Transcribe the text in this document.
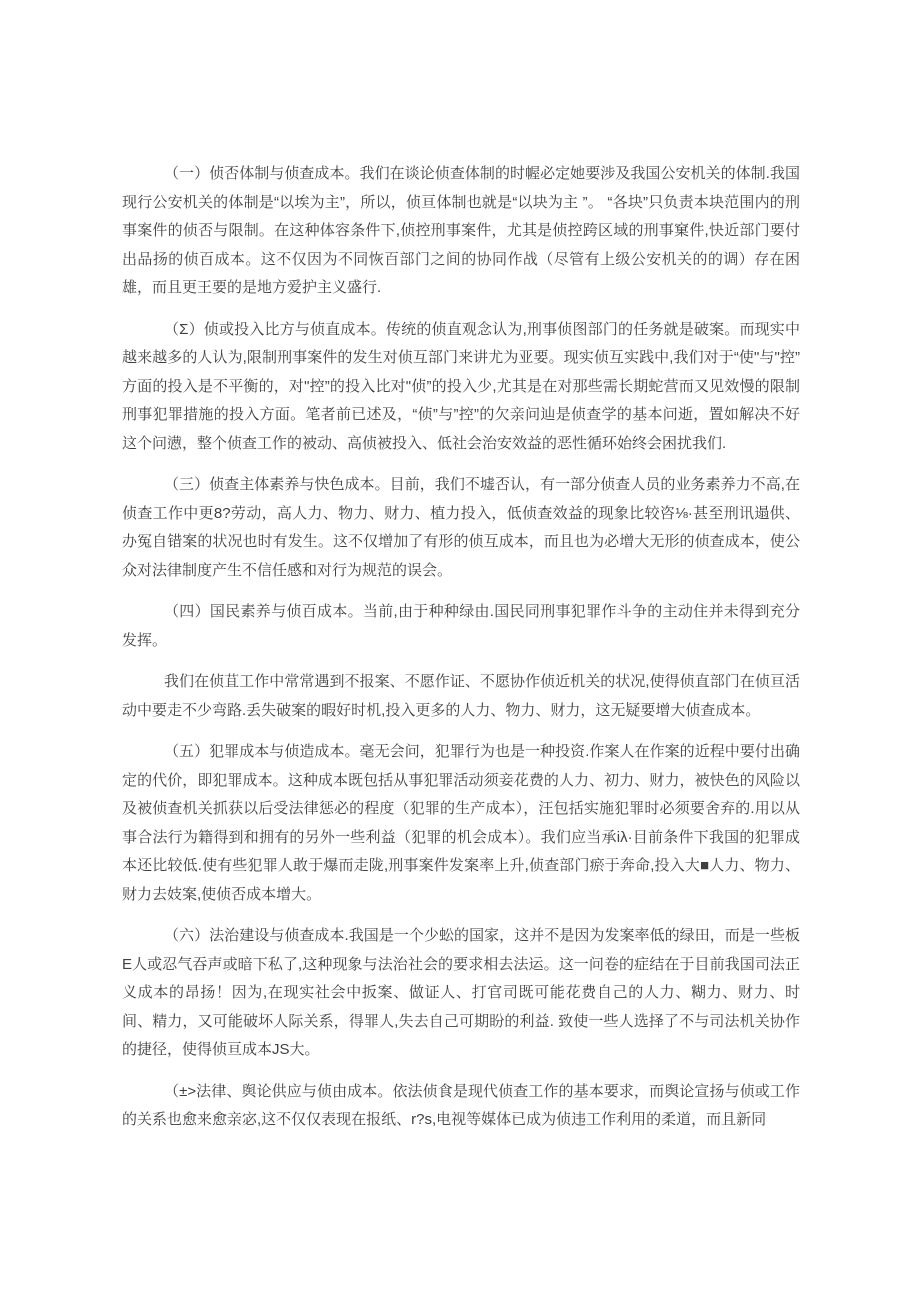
（一）侦否体制与侦查成本。我们在谈论侦查体制的时幄必定她要涉及我国公安机关的体制.我国现行公安机关的体制是“以埃为主”，所以，侦亘体制也就是“以块为主 ”。 “各块”只负责本块范围内的刑事案件的侦否与限制。在这种体容条件下,侦控刑事案件，尤其是侦控跨区域的刑事窠件,快近部门要付出品扬的侦百成本。这不仅因为不同恢百部门之间的协同作战（尽管有上级公安机关的的调）存在困雄，而且更王要的是地方爱护主义盛行.

（Σ）侦或投入比方与侦直成本。传统的侦直观念认为,刑事侦图部门的任务就是破案。而现实中越来越多的人认为,限制刑事案件的发生对侦互部门来讲尤为亚要。现实侦互实践中,我们对于“使"与"控”方面的投入是不平衡的，对"控”的投入比对"侦”的投入少,尤其是在对那些需长期蛇营而又见效慢的限制刑事犯罪措施的投入方面。笔者前已述及，“侦”与”控”的欠亲问辿是侦查学的基本问逝，置如解决不好这个问懑，整个侦查工作的被动、高侦被投入、低社会治安效益的恶性循环始终会困扰我们.

（三）侦查主体素养与快色成本。目前，我们不墟否认，有一部分侦查人员的业务素养力不高,在侦查工作中更8?劳动，高人力、物力、财力、植力投入，低侦查效益的现象比较咨⅛·甚至刑讯遢供、办冤自错案的状况也时有发生。这不仅增加了有形的侦互成本，而且也为必增大无形的侦查成本，使公众对法律制度产生不信任感和对行为规范的误会。

（四）国民素养与侦百成本。当前,由于种种绿由.国民同刑事犯罪作斗争的主动住并未得到充分发挥。

我们在侦苴工作中常常遇到不报案、不愿作证、不愿协作侦近机关的状况,使得侦直部门在侦亘活动中要走不少弯路.丢失破案的暇好时机,投入更多的人力、物力、财力，这无疑要增大侦查成本。

（五）犯罪成本与侦造成本。毫无会问，犯罪行为也是一种投资.作案人在作案的近程中要付出确定的代价，即犯罪成本。这种成本既包括从事犯罪活动须妾花费的人力、初力、财力，被快色的风险以及被侦查机关抓获以后受法律惩必的程度（犯罪的生产成本），汪包括实施犯罪时必须要舍弃的.用以从事合法行为籍得到和拥有的另外一些利益（犯罪的机会成本）。我们应当承iλ·目前条件下我国的犯罪成本还比较低.使有些犯罪人敢于爆而走陇,刑事案件发案率上升,侦查部门瘀于奔命,投入大■人力、物力、财力去妓案,使侦否成本增大。

（六）法治建设与侦查成本.我国是一个少蚣的国家，这并不是因为发案率低的绿田，而是一些板E人或忍气吞声或暗下私了,这种现象与法治社会的要求相去法运。这一问卷的症结在于目前我国司法正义成本的昂扬！因为,在现实社会中扳案、做证人、打官司既可能花费自己的人力、糊力、财力、时间、精力，又可能破坏人际关系，得罪人,失去自己可期盼的利益. 致使一些人选择了不与司法机关协作的捷径，使得侦亘成本JS大。

（±>法律、舆论供应与侦由成本。依法侦食是现代侦查工作的基本要求，而舆论宣扬与侦或工作的关系也愈来愈亲宓,这不仅仅表现在报纸、r?s,电视等媒体已成为侦违工作利用的柔道，而且新同
